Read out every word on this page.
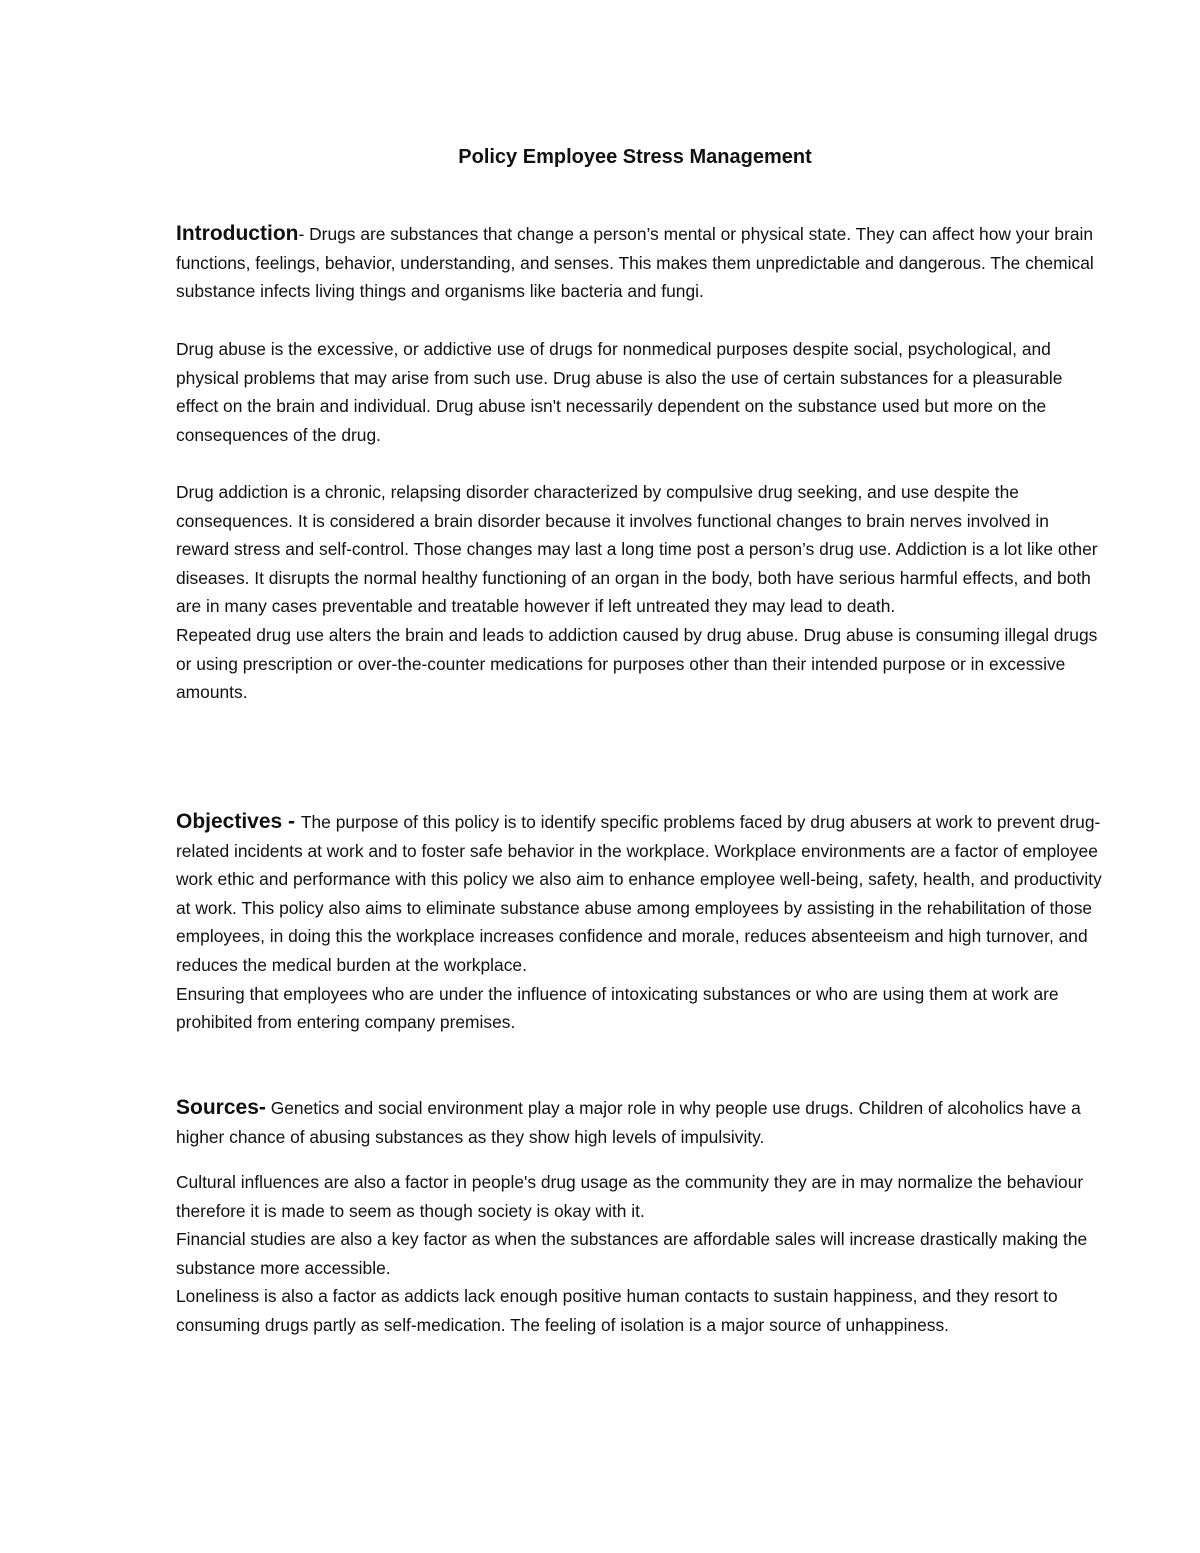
Policy Employee Stress Management

Introduction- Drugs are substances that change a person’s mental or physical state. They can affect how your brain functions, feelings, behavior, understanding, and senses. This makes them unpredictable and dangerous. The chemical substance infects living things and organisms like bacteria and fungi.

Drug abuse is the excessive, or addictive use of drugs for nonmedical purposes despite social, psychological, and physical problems that may arise from such use. Drug abuse is also the use of certain substances for a pleasurable effect on the brain and individual. Drug abuse isn't necessarily dependent on the substance used but more on the consequences of the drug.

Drug addiction is a chronic, relapsing disorder characterized by compulsive drug seeking, and use despite the consequences. It is considered a brain disorder because it involves functional changes to brain nerves involved in reward stress and self-control. Those changes may last a long time post a person’s drug use. Addiction is a lot like other diseases. It disrupts the normal healthy functioning of an organ in the body, both have serious harmful effects, and both are in many cases preventable and treatable however if left untreated they may lead to death.

Repeated drug use alters the brain and leads to addiction caused by drug abuse. Drug abuse is consuming illegal drugs or using prescription or over-the-counter medications for purposes other than their intended purpose or in excessive amounts.

Objectives - The purpose of this policy is to identify specific problems faced by drug abusers at work to prevent drug-related incidents at work and to foster safe behavior in the workplace. Workplace environments are a factor of employee work ethic and performance with this policy we also aim to enhance employee well-being, safety, health, and productivity at work. This policy also aims to eliminate substance abuse among employees by assisting in the rehabilitation of those employees, in doing this the workplace increases confidence and morale, reduces absenteeism and high turnover, and reduces the medical burden at the workplace.

Ensuring that employees who are under the influence of intoxicating substances or who are using them at work are prohibited from entering company premises.

Sources- Genetics and social environment play a major role in why people use drugs. Children of alcoholics have a higher chance of abusing substances as they show high levels of impulsivity.

Cultural influences are also a factor in people's drug usage as the community they are in may normalize the behaviour therefore it is made to seem as though society is okay with it.

Financial studies are also a key factor as when the substances are affordable sales will increase drastically making the substance more accessible.

Loneliness is also a factor as addicts lack enough positive human contacts to sustain happiness, and they resort to consuming drugs partly as self-medication. The feeling of isolation is a major source of unhappiness.
